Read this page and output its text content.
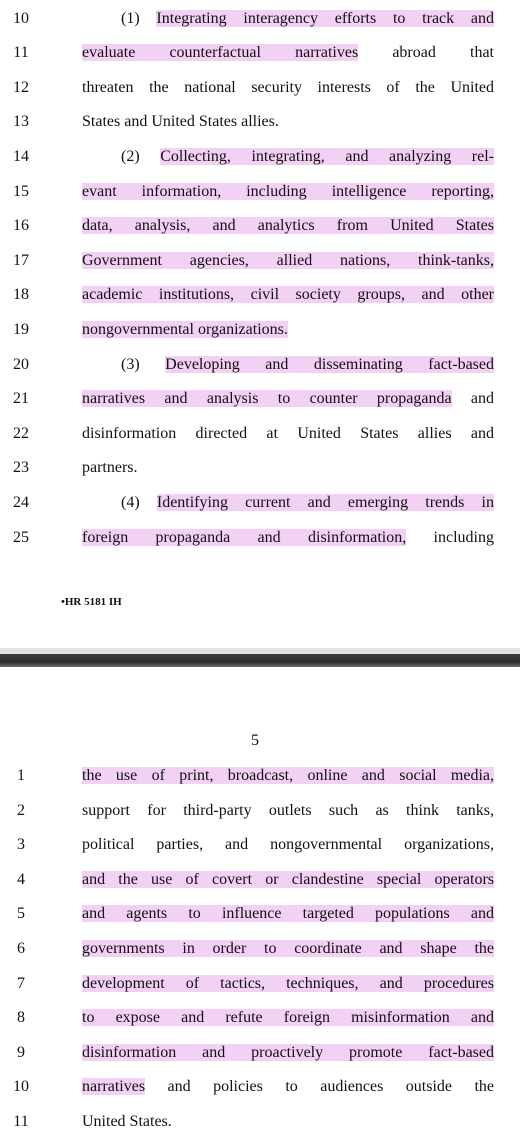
10	(1) Integrating interagency efforts to track and
11	evaluate counterfactual narratives abroad that
12	threaten the national security interests of the United
13	States and United States allies.
14	(2) Collecting, integrating, and analyzing rel-
15	evant information, including intelligence reporting,
16	data, analysis, and analytics from United States
17	Government agencies, allied nations, think-tanks,
18	academic institutions, civil society groups, and other
19	nongovernmental organizations.
20	(3) Developing and disseminating fact-based
21	narratives and analysis to counter propaganda and
22	disinformation directed at United States allies and
23	partners.
24	(4) Identifying current and emerging trends in
25	foreign propaganda and disinformation, including
•HR 5181 IH
5
1	the use of print, broadcast, online and social media,
2	support for third-party outlets such as think tanks,
3	political parties, and nongovernmental organizations,
4	and the use of covert or clandestine special operators
5	and agents to influence targeted populations and
6	governments in order to coordinate and shape the
7	development of tactics, techniques, and procedures
8	to expose and refute foreign misinformation and
9	disinformation and proactively promote fact-based
10	narratives and policies to audiences outside the
11	United States.
